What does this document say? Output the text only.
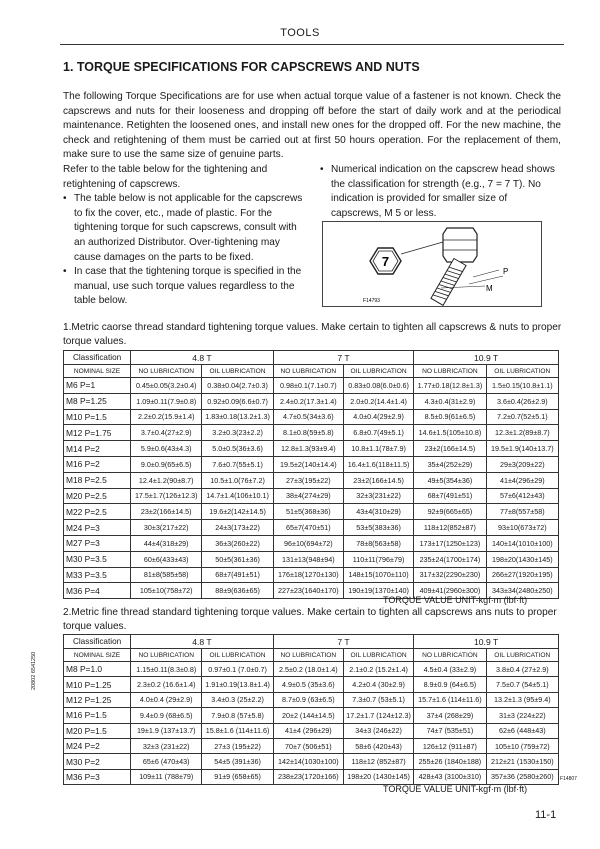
TOOLS
1. TORQUE SPECIFICATIONS FOR CAPSCREWS AND NUTS

The following Torque Specifications are for use when actual torque value of a fastener is not known. Check the capscrews and nuts for their looseness and dropping off before the start of daily work and at the periodical maintenance. Retighten the loosened ones, and install new ones for the dropped off. For the new machine, the check and retightening of them must be carried out at first 50 hours operation. For the replacement of them, make sure to use the same size of genuine parts.

Refer to the table below for the tightening and retightening of capscrews.
• The table below is not applicable for the capscrews to fix the cover, etc., made of plastic. For the tightening torque for such capscrews, consult with an authorized Distributor. Over-tightening may cause damages on the parts to be fixed.
• In case that the tightening torque is specified in the manual, use such torque values regardless to the table below.
• Numerical indication on the capscrew head shows the classification for strength (e.g., 7 = 7 T). No indication is provided for smaller size of capscrews, M 5 or less.
7
P
M
F14793
1.Metric caorse thread standard tightening torque values. Make certain to tighten all capscrews & nuts to proper torque values.
Classification	4.8 T		7 T		10.9 T	
NOMINAL SIZE	NO LUBRICATION	OIL LUBRICATION	NO LUBRICATION	OIL LUBRICATION	NO LUBRICATION	OIL LUBRICATION
M6 P=1	0.45±0.05(3.2±0.4)	0.38±0.04(2.7±0.3)	0.98±0.1(7.1±0.7)	0.83±0.08(6.0±0.6)	1.77±0.18(12.8±1.3)	1.5±0.15(10.8±1.1)
M8 P=1.25	1.09±0.11(7.9±0.8)	0.92±0.09(6.6±0.7)	2.4±0.2(17.3±1.4)	2.0±0.2(14.4±1.4)	4.3±0.4(31±2.9)	3.6±0.4(26±2.9)
M10 P=1.5	2.2±0.2(15.9±1.4)	1.83±0.18(13.2±1.3)	4.7±0.5(34±3.6)	4.0±0.4(29±2.9)	8.5±0.9(61±6.5)	7.2±0.7(52±5.1)
M12 P=1.75	3.7±0.4(27±2.9)	3.2±0.3(23±2.2)	8.1±0.8(59±5.8)	6.8±0.7(49±5.1)	14.6±1.5(105±10.8)	12.3±1.2(89±8.7)
M14 P=2	5.9±0.6(43±4.3)	5.0±0.5(36±3.6)	12.8±1.3(93±9.4)	10.8±1.1(78±7.9)	23±2(166±14.5)	19.5±1.9(140±13.7)
M16 P=2	9.0±0.9(65±6.5)	7.6±0.7(55±5.1)	19.5±2(140±14.4)	16.4±1.6(118±11.5)	35±4(252±29)	29±3(209±22)
M18 P=2.5	12.4±1.2(90±8.7)	10.5±1.0(76±7.2)	27±3(195±22)	23±2(166±14.5)	49±5(354±36)	41±4(296±29)
M20 P=2.5	17.5±1.7(126±12.3)	14.7±1.4(106±10.1)	38±4(274±29)	32±3(231±22)	68±7(491±51)	57±6(412±43)
M22 P=2.5	23±2(166±14.5)	19.6±2(142±14.5)	51±5(368±36)	43±4(310±29)	92±9(665±65)	77±8(557±58)
M24 P=3	30±3(217±22)	24±3(173±22)	65±7(470±51)	53±5(383±36)	118±12(852±87)	93±10(673±72)
M27 P=3	44±4(318±29)	36±3(260±22)	96±10(694±72)	78±8(563±58)	173±17(1250±123)	140±14(1010±100)
M30 P=3.5	60±6(433±43)	50±5(361±36)	131±13(948±94)	110±11(796±79)	235±24(1700±174)	198±20(1430±145)
M33 P=3.5	81±8(585±58)	68±7(491±51)	176±18(1270±130)	148±15(1070±110)	317±32(2290±230)	266±27(1920±195)
M36 P=4	105±10(758±72)	88±9(636±65)	227±23(1640±170)	190±19(1370±140)	409±41(2960±300)	343±34(2480±250)
TORQUE VALUE UNIT-kgf·m (lbf·ft)
2.Metric fine thread standard tightening torque values. Make certain to tighten all capscrews ans nuts to proper torque values.
Classification	4.8 T		7 T		10.9 T	
NOMINAL SIZE	NO LUBRICATION	OIL LUBRICATION	NO LUBRICATION	OIL LUBRICATION	NO LUBRICATION	OIL LUBRICATION
M8 P=1.0	1.15±0.11(8.3±0.8)	0.97±0.1 (7.0±0.7)	2.5±0.2 (18.0±1.4)	2.1±0.2 (15.2±1.4)	4.5±0.4 (33±2.9)	3.8±0.4 (27±2.9)
M10 P=1.25	2.3±0.2 (16.6±1.4)	1.91±0.19(13.8±1.4)	4.9±0.5 (35±3.6)	4.2±0.4 (30±2.9)	8.9±0.9 (64±6.5)	7.5±0.7 (54±5.1)
M12 P=1.25	4.0±0.4 (29±2.9)	3.4±0.3 (25±2.2)	8.7±0.9 (63±6.5)	7.3±0.7 (53±5.1)	15.7±1.6 (114±11.6)	13.2±1.3 (95±9.4)
M16 P=1.5	9.4±0.9 (68±6.5)	7.9±0.8 (57±5.8)	20±2 (144±14.5)	17.2±1.7 (124±12.3)	37±4 (268±29)	31±3 (224±22)
M20 P=1.5	19±1.9 (137±13.7)	15.8±1.6 (114±11.6)	41±4 (296±29)	34±3 (246±22)	74±7 (535±51)	62±6 (448±43)
M24 P=2	32±3 (231±22)	27±3 (195±22)	70±7 (506±51)	58±6 (420±43)	126±12 (911±87)	105±10 (759±72)
M30 P=2	65±6 (470±43)	54±5 (391±36)	142±14(1030±100)	118±12 (852±87)	255±26 (1840±188)	212±21 (1530±150)
M36 P=3	109±11 (788±79)	91±9 (658±65)	238±23(1720±166)	198±20 (1430±145)	428±43 (3100±310)	357±36 (2580±260) F14807
TORQUE VALUE UNIT-kgf·m (lbf·ft)
20802 6541250
11-1
